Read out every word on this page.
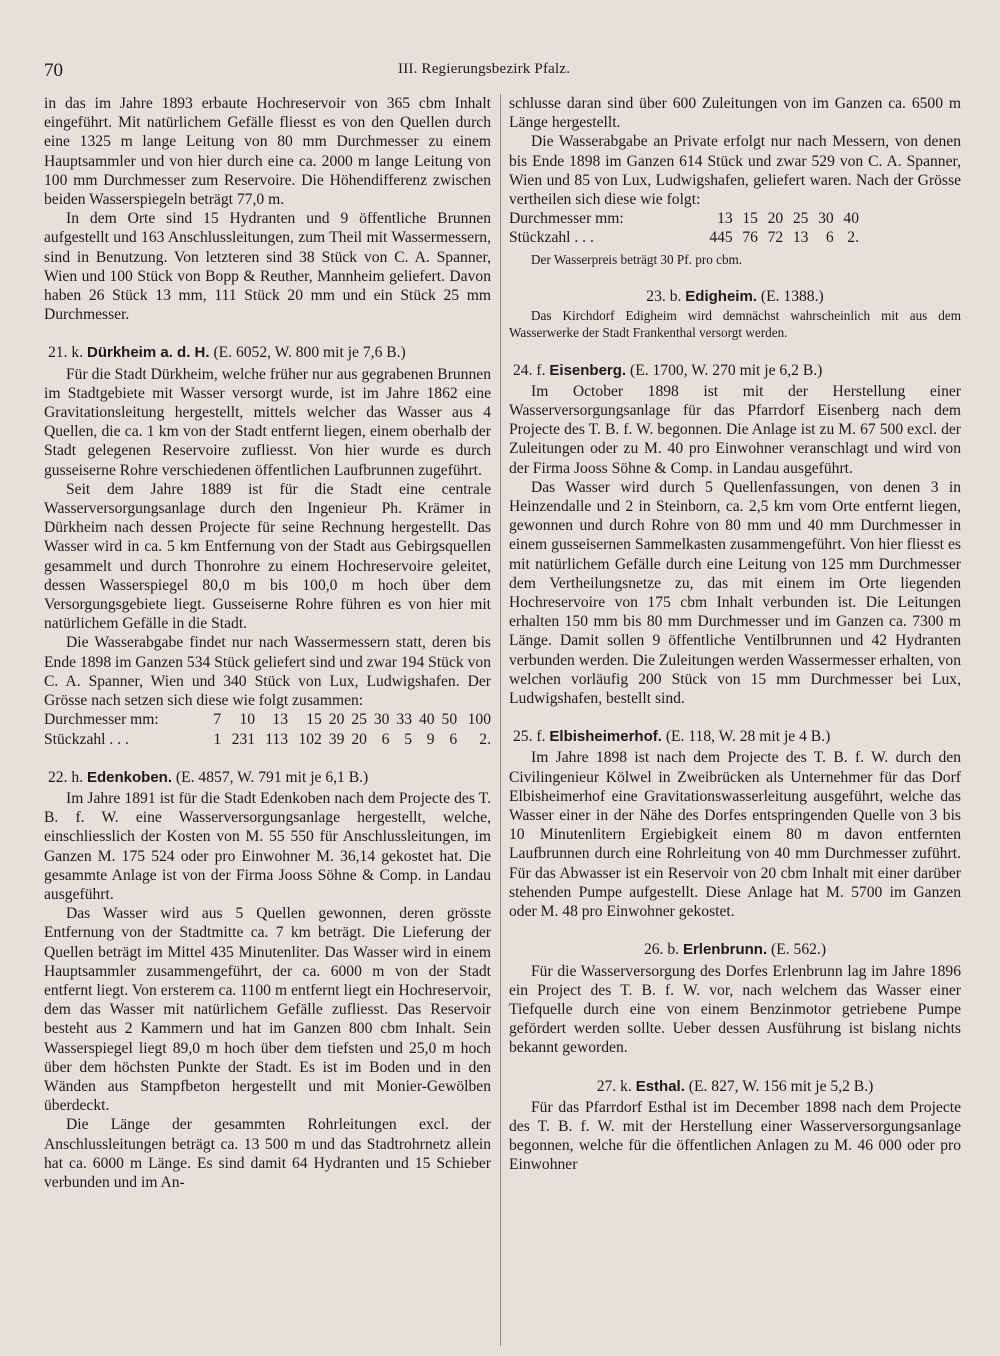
70	III. Regierungsbezirk Pfalz.

in das im Jahre 1893 erbaute Hochreservoir von 365 cbm Inhalt eingeführt. Mit natürlichem Gefälle fliesst es von den Quellen durch eine 1325 m lange Leitung von 80 mm Durchmesser zu einem Hauptsammler und von hier durch eine ca. 2000 m lange Leitung von 100 mm Durchmesser zum Reservoire. Die Höhendifferenz zwischen beiden Wasserspiegeln beträgt 77,0 m.

In dem Orte sind 15 Hydranten und 9 öffentliche Brunnen aufgestellt und 163 Anschlussleitungen, zum Theil mit Wassermessern, sind in Benutzung. Von letzteren sind 38 Stück von C. A. Spanner, Wien und 100 Stück von Bopp & Reuther, Mannheim geliefert. Davon haben 26 Stück 13 mm, 111 Stück 20 mm und ein Stück 25 mm Durchmesser.

21. k. Dürkheim a. d. H. (E. 6052, W. 800 mit je 7,6 B.)

Für die Stadt Dürkheim, welche früher nur aus gegrabenen Brunnen im Stadtgebiete mit Wasser versorgt wurde, ist im Jahre 1862 eine Gravitationsleitung hergestellt, mittels welcher das Wasser aus 4 Quellen, die ca. 1 km von der Stadt entfernt liegen, einem oberhalb der Stadt gelegenen Reservoire zufliesst. Von hier wurde es durch gusseiserne Rohre verschiedenen öffentlichen Laufbrunnen zugeführt.

Seit dem Jahre 1889 ist für die Stadt eine centrale Wasserversorgungsanlage durch den Ingenieur Ph. Krämer in Dürkheim nach dessen Projecte für seine Rechnung hergestellt. Das Wasser wird in ca. 5 km Entfernung von der Stadt aus Gebirgsquellen gesammelt und durch Thonrohre zu einem Hochreservoire geleitet, dessen Wasserspiegel 80,0 m bis 100,0 m hoch über dem Versorgungsgebiete liegt. Gusseiserne Rohre führen es von hier mit natürlichem Gefälle in die Stadt.

Die Wasserabgabe findet nur nach Wassermessern statt, deren bis Ende 1898 im Ganzen 534 Stück geliefert sind und zwar 194 Stück von C. A. Spanner, Wien und 340 Stück von Lux, Ludwigshafen. Der Grösse nach setzen sich diese wie folgt zusammen:

Durchmesser mm:	7	10	13	15	20	25	30	33	40	50	100
Stückzahl . . .	1	231	113	102	39	20	6	5	9	6	2.

22. h. Edenkoben. (E. 4857, W. 791 mit je 6,1 B.)

Im Jahre 1891 ist für die Stadt Edenkoben nach dem Projecte des T. B. f. W. eine Wasserversorgungsanlage hergestellt, welche, einschliesslich der Kosten von M. 55 550 für Anschlussleitungen, im Ganzen M. 175 524 oder pro Einwohner M. 36,14 gekostet hat. Die gesammte Anlage ist von der Firma Jooss Söhne & Comp. in Landau ausgeführt.

Das Wasser wird aus 5 Quellen gewonnen, deren grösste Entfernung von der Stadtmitte ca. 7 km beträgt. Die Lieferung der Quellen beträgt im Mittel 435 Minutenliter. Das Wasser wird in einem Hauptsammler zusammengeführt, der ca. 6000 m von der Stadt entfernt liegt. Von ersterem ca. 1100 m entfernt liegt ein Hochreservoir, dem das Wasser mit natürlichem Gefälle zufliesst. Das Reservoir besteht aus 2 Kammern und hat im Ganzen 800 cbm Inhalt. Sein Wasserspiegel liegt 89,0 m hoch über dem tiefsten und 25,0 m hoch über dem höchsten Punkte der Stadt. Es ist im Boden und in den Wänden aus Stampfbeton hergestellt und mit Monier-Gewölben überdeckt.

Die Länge der gesammten Rohrleitungen excl. der Anschlussleitungen beträgt ca. 13 500 m und das Stadtrohrnetz allein hat ca. 6000 m Länge. Es sind damit 64 Hydranten und 15 Schieber verbunden und im An-

schlusse daran sind über 600 Zuleitungen von im Ganzen ca. 6500 m Länge hergestellt.

Die Wasserabgabe an Private erfolgt nur nach Messern, von denen bis Ende 1898 im Ganzen 614 Stück und zwar 529 von C. A. Spanner, Wien und 85 von Lux, Ludwigshafen, geliefert waren. Nach der Grösse vertheilen sich diese wie folgt:

Durchmesser mm:	13	15	20	25	30	40
Stückzahl . . .	445	76	72	13	6	2.

Der Wasserpreis beträgt 30 Pf. pro cbm.

23. b. Edigheim. (E. 1388.)

Das Kirchdorf Edigheim wird demnächst wahrscheinlich mit aus dem Wasserwerke der Stadt Frankenthal versorgt werden.

24. f. Eisenberg. (E. 1700, W. 270 mit je 6,2 B.)

Im October 1898 ist mit der Herstellung einer Wasserversorgungsanlage für das Pfarrdorf Eisenberg nach dem Projecte des T. B. f. W. begonnen. Die Anlage ist zu M. 67 500 excl. der Zuleitungen oder zu M. 40 pro Einwohner veranschlagt und wird von der Firma Jooss Söhne & Comp. in Landau ausgeführt.

Das Wasser wird durch 5 Quellenfassungen, von denen 3 in Heinzendalle und 2 in Steinborn, ca. 2,5 km vom Orte entfernt liegen, gewonnen und durch Rohre von 80 mm und 40 mm Durchmesser in einem gusseisernen Sammelkasten zusammengeführt. Von hier fliesst es mit natürlichem Gefälle durch eine Leitung von 125 mm Durchmesser dem Vertheilungsnetze zu, das mit einem im Orte liegenden Hochreservoire von 175 cbm Inhalt verbunden ist. Die Leitungen erhalten 150 mm bis 80 mm Durchmesser und im Ganzen ca. 7300 m Länge. Damit sollen 9 öffentliche Ventilbrunnen und 42 Hydranten verbunden werden. Die Zuleitungen werden Wassermesser erhalten, von welchen vorläufig 200 Stück von 15 mm Durchmesser bei Lux, Ludwigshafen, bestellt sind.

25. f. Elbisheimerhof. (E. 118, W. 28 mit je 4 B.)

Im Jahre 1898 ist nach dem Projecte des T. B. f. W. durch den Civilingenieur Kölwel in Zweibrücken als Unternehmer für das Dorf Elbisheimerhof eine Gravitationswasserleitung ausgeführt, welche das Wasser einer in der Nähe des Dorfes entspringenden Quelle von 3 bis 10 Minutenlitern Ergiebigkeit einem 80 m davon entfernten Laufbrunnen durch eine Rohrleitung von 40 mm Durchmesser zuführt. Für das Abwasser ist ein Reservoir von 20 cbm Inhalt mit einer darüber stehenden Pumpe aufgestellt. Diese Anlage hat M. 5700 im Ganzen oder M. 48 pro Einwohner gekostet.

26. b. Erlenbrunn. (E. 562.)

Für die Wasserversorgung des Dorfes Erlenbrunn lag im Jahre 1896 ein Project des T. B. f. W. vor, nach welchem das Wasser einer Tiefquelle durch eine von einem Benzinmotor getriebene Pumpe gefördert werden sollte. Ueber dessen Ausführung ist bislang nichts bekannt geworden.

27. k. Esthal. (E. 827, W. 156 mit je 5,2 B.)

Für das Pfarrdorf Esthal ist im December 1898 nach dem Projecte des T. B. f. W. mit der Herstellung einer Wasserversorgungsanlage begonnen, welche für die öffentlichen Anlagen zu M. 46 000 oder pro Einwohner
